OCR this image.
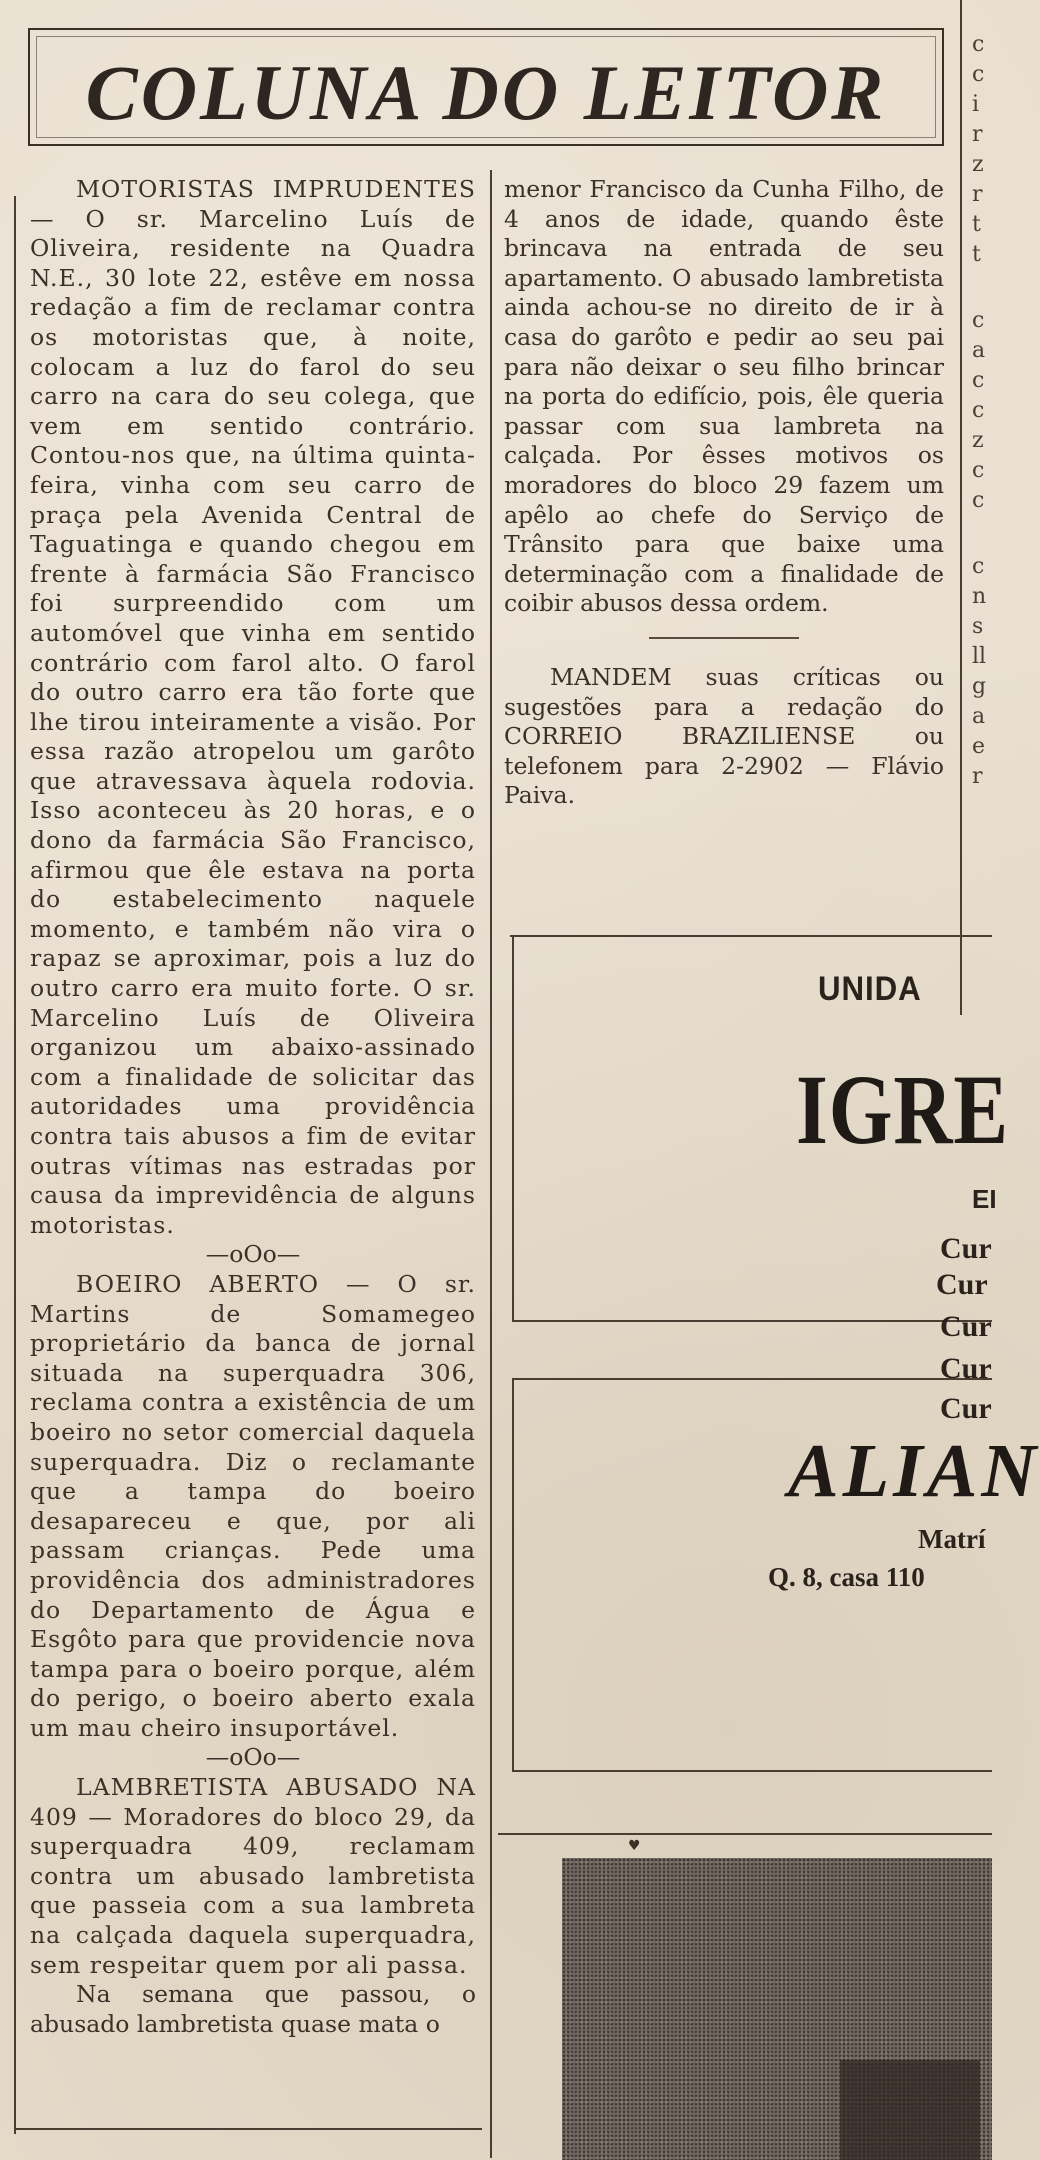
COLUNA DO LEITOR

MOTORISTAS IMPRUDENTES — O sr. Marcelino Luís de Oliveira, residente na Quadra N.E., 30 lote 22, estêve em nossa redação a fim de reclamar contra os motoristas que, à noite, colocam a luz do farol do seu carro na cara do seu colega, que vem em sentido contrário. Contou-nos que, na última quinta-feira, vinha com seu carro de praça pela Avenida Central de Taguatinga e quando chegou em frente à farmácia São Francisco foi surpreendido com um automóvel que vinha em sentido contrário com farol alto. O farol do outro carro era tão forte que lhe tirou inteiramente a visão. Por essa razão atropelou um garôto que atravessava àquela rodovia. Isso aconteceu às 20 horas, e o dono da farmácia São Francisco, afirmou que êle estava na porta do estabelecimento naquele momento, e também não vira o rapaz se aproximar, pois a luz do outro carro era muito forte. O sr. Marcelino Luís de Oliveira organizou um abaixo-assinado com a finalidade de solicitar das autoridades uma providência contra tais abusos a fim de evitar outras vítimas nas estradas por causa da imprevidência de alguns motoristas.

—oOo—

BOEIRO ABERTO — O sr. Martins de Somamegeo proprietário da banca de jornal situada na superquadra 306, reclama contra a existência de um boeiro no setor comercial daquela superquadra. Diz o reclamante que a tampa do boeiro desapareceu e que, por ali passam crianças. Pede uma providência dos administradores do Departamento de Água e Esgôto para que providencie nova tampa para o boeiro porque, além do perigo, o boeiro aberto exala um mau cheiro insuportável.

—oOo—

LAMBRETISTA ABUSADO NA 409 — Moradores do bloco 29, da superquadra 409, reclamam contra um abusado lambretista que passeia com a sua lambreta na calçada daquela superquadra, sem respeitar quem por ali passa.

Na semana que passou, o abusado lambretista quase mata o

menor Francisco da Cunha Filho, de 4 anos de idade, quando êste brincava na entrada de seu apartamento. O abusado lambretista ainda achou-se no direito de ir à casa do garôto e pedir ao seu pai para não deixar o seu filho brincar na porta do edifício, pois, êle queria passar com sua lambreta na calçada. Por êsses motivos os moradores do bloco 29 fazem um apêlo ao chefe do Serviço de Trânsito para que baixe uma determinação com a finalidade de coibir abusos dessa ordem.

MANDEM suas críticas ou sugestões para a redação do CORREIO BRAZILIENSE ou telefonem para 2-2902 — Flávio Paiva.

UNIDA
IGRE
EI
Cur
Cur
Cur
Cur
Cur
ALIAN
Matrí
Q. 8, casa 110
♥
c
c
i
r
z
r
t
t
c
a
c
c
z
c
c
c
n
s
ll
g
a
e
r
